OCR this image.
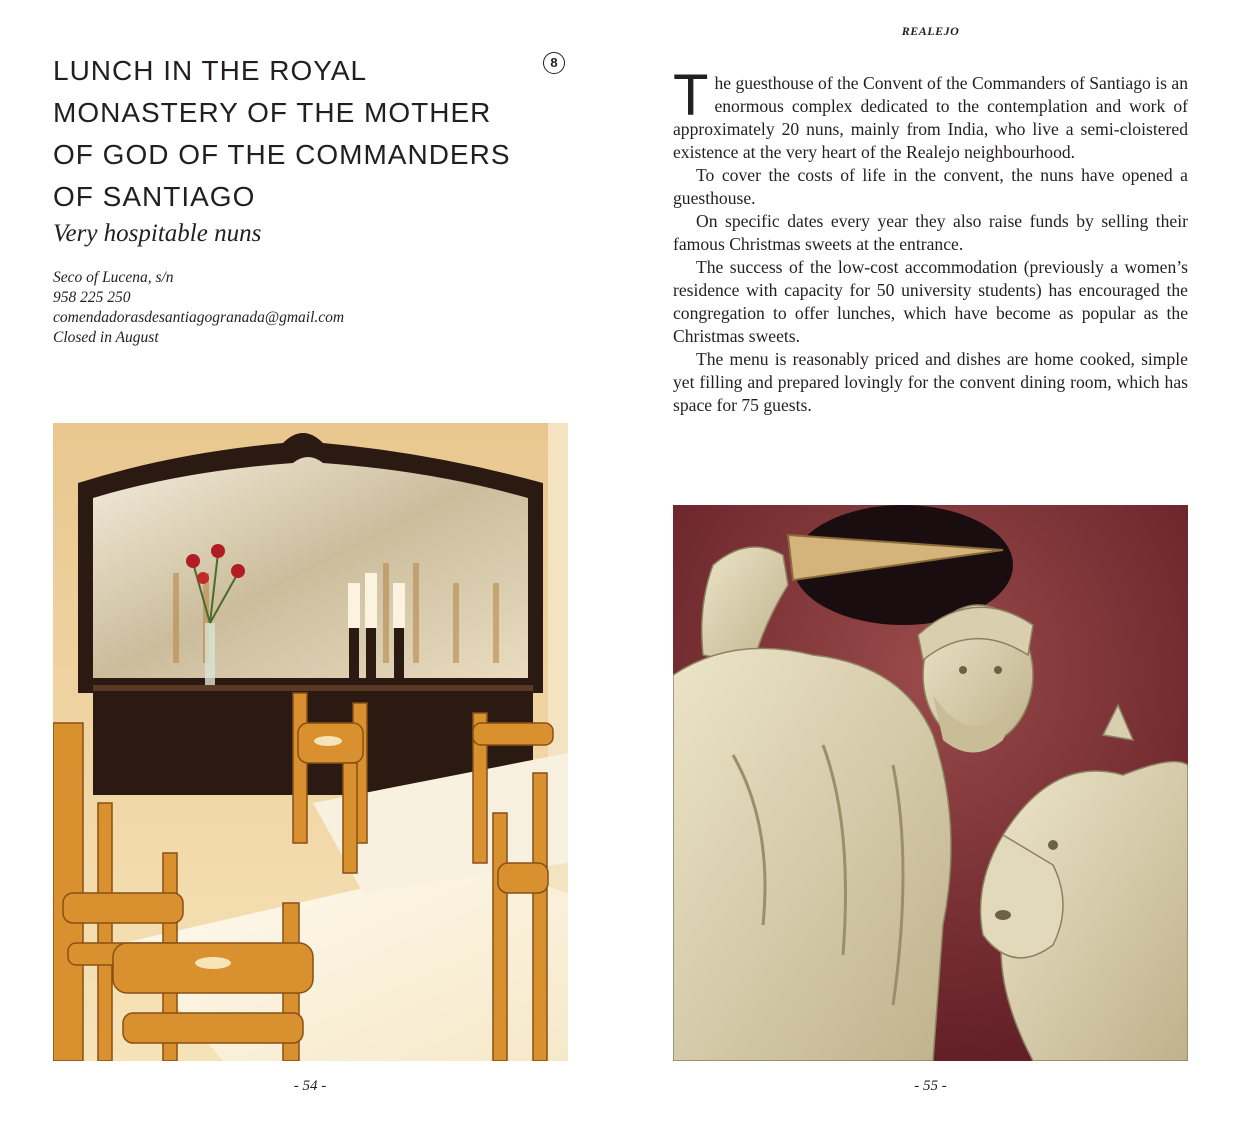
LUNCH IN THE ROYAL
MONASTERY OF THE MOTHER
OF GOD OF THE COMMANDERS
OF SANTIAGO
8

Very hospitable nuns

Seco of Lucena, s/n
958 225 250
comendadorasdesantiagogranada@gmail.com
Closed in August
- 54 -
REALEJO

The guesthouse of the Convent of the Commanders of Santiago is an enormous complex dedicated to the contemplation and work of approximately 20 nuns, mainly from India, who live a semi-cloistered existence at the very heart of the Realejo neighbourhood.

To cover the costs of life in the convent, the nuns have opened a guesthouse.

On specific dates every year they also raise funds by selling their famous Christmas sweets at the entrance.

The success of the low-cost accommodation (previously a women’s residence with capacity for 50 university students) has encouraged the congregation to offer lunches, which have become as popular as the Christmas sweets.

The menu is reasonably priced and dishes are home cooked, simple yet filling and prepared lovingly for the convent dining room, which has space for 75 guests.

- 55 -
